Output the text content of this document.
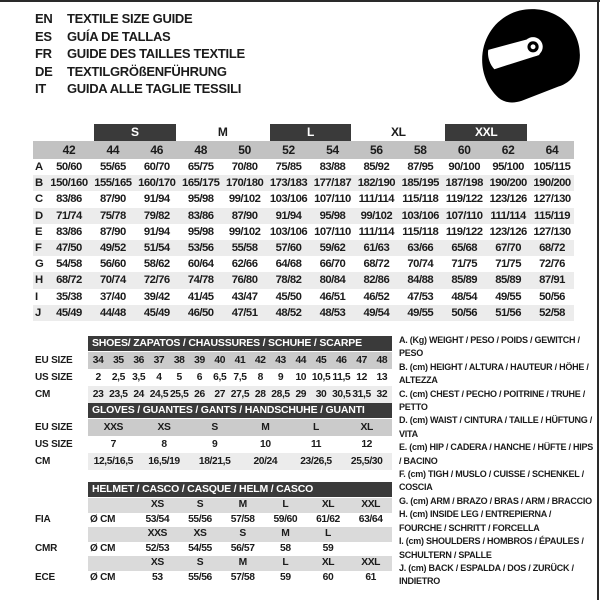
EN	TEXTILE SIZE GUIDE
ES	GUÍA DE TALLAS
FR	GUIDE DES TAILLES TEXTILE
DE	TEXTILGRÖßENFÜHRUNG
IT	GUIDA ALLE TAGLIE TESSILI
S	M	L	XL	XXL
42	44	46	48	50	52	54	56	58	60	62	64
A	50/60	55/65	60/70	65/75	70/80	75/85	83/88	85/92	87/95	90/100	95/100 105/115
B 150/160 155/165 160/170 165/175 170/180 173/183 177/187 182/190 185/195 187/198 190/200 190/200
C	83/86	87/90	91/94	95/98	99/102 103/106 107/110 111/114 115/118 119/122 123/126 127/130
D	71/74	75/78	79/82	83/86	87/90	91/94	95/98	99/102 103/106 107/110 111/114 115/119
E	83/86	87/90	91/94	95/98	99/102 103/106 107/110 111/114 115/118 119/122 123/126 127/130
F	47/50	49/52	51/54	53/56	55/58	57/60	59/62	61/63	63/66	65/68	67/70	68/72
G	54/58	56/60	58/62	60/64	62/66	64/68	66/70	68/72	70/74	71/75	71/75	72/76
H	68/72	70/74	72/76	74/78	76/80	78/82	80/84	82/86	84/88	85/89	85/89	87/91
I	35/38	37/40	39/42	41/45	43/47	45/50	46/51	46/52	47/53	48/54	49/55	50/56
J	45/49	44/48	45/49	46/50	47/51	48/52	48/53	49/54	49/55	50/56	51/56	52/58
SHOES/ ZAPATOS / CHAUSSURES / SCHUHE / SCARPE
EU SIZE	34 35 36 37 38 39 40 41 42 43 44 45 46 47 48
US SIZE	2	2,5 3,5	4	5	6	6,5 7,5	8	9	10 10,5 11,5 12 13
CM	23 23,5 24 24,5 25,5 26 27 27,5 28 28,5 29 30 30,5 31,5 32
GLOVES / GUANTES / GANTS / HANDSCHUHE / GUANTI
EU SIZE	XXS	XS	S	M	L	XL
US SIZE	7	8	9	10	11	12
CM	12,5/16,5	16,5/19	18/21,5	20/24	23/26,5	25,5/30
HELMET / CASCO / CASQUE / HELM / CASCO
XS	S	M	L	XL	XXL
FIA	Ø CM	53/54	55/56	57/58	59/60	61/62	63/64
XXS	XS	S	M	L
CMR	Ø CM	52/53	54/55	56/57	58	59
XS	S	M	L	XL	XXL
ECE	Ø CM	53	55/56	57/58	59	60	61
A. (Kg) WEIGHT / PESO / POIDS / GEWITCH / PESO
B. (cm) HEIGHT / ALTURA / HAUTEUR / HÖHE / ALTEZZA
C. (cm) CHEST / PECHO / POITRINE / TRUHE / PETTO
D. (cm) WAIST / CINTURA / TAILLE / HÜFTUNG / VITA
E. (cm) HIP / CADERA / HANCHE / HÜFTE / HIPS / BACINO
F. (cm) TIGH / MUSLO / CUISSE / SCHENKEL / COSCIA
G. (cm) ARM / BRAZO / BRAS / ARM / BRACCIO
H. (cm) INSIDE LEG / ENTREPIERNA / FOURCHE / SCHRITT / FORCELLA
I. (cm) SHOULDERS / HOMBROS / ÉPAULES / SCHULTERN / SPALLE
J. (cm) BACK / ESPALDA / DOS / ZURÜCK / INDIETRO
